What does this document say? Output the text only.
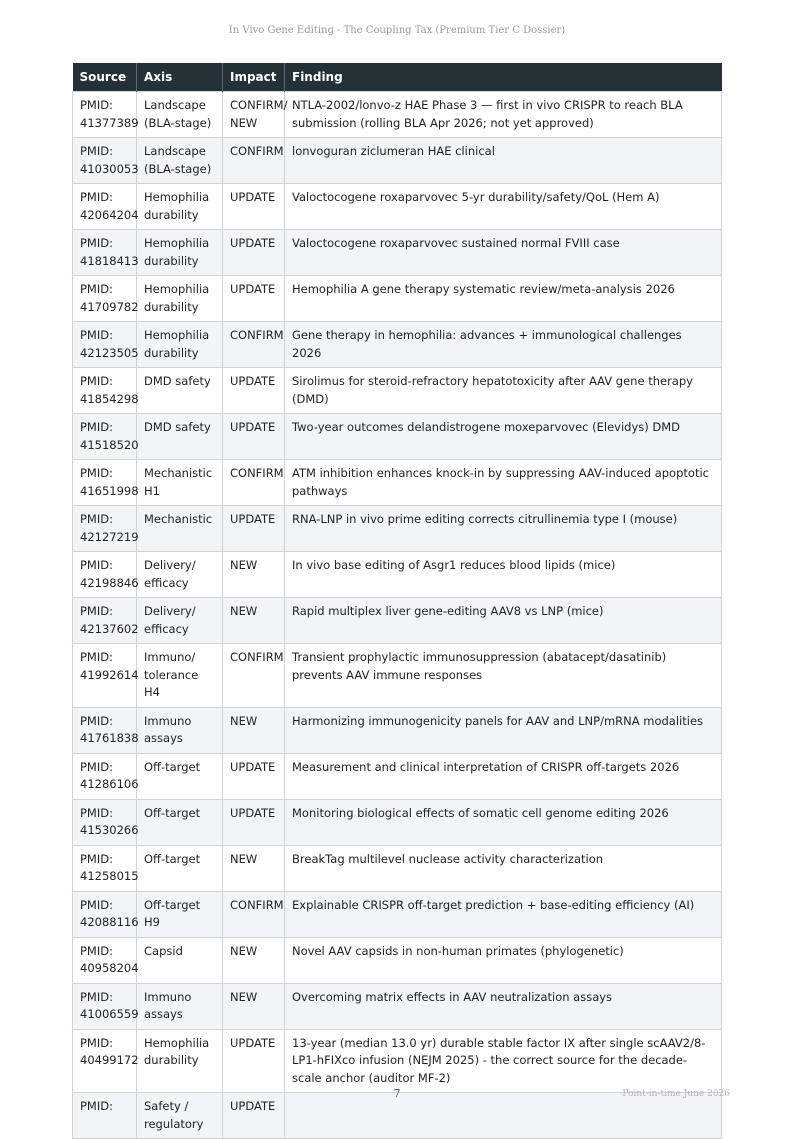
In Vivo Gene Editing - The Coupling Tax (Premium Tier C Dossier)
Source	Axis	Impact	Finding
PMID: 41377389	Landscape (BLA-stage)	CONFIRM/ NEW	NTLA-2002/lonvo-z HAE Phase 3 — first in vivo CRISPR to reach BLA submission (rolling BLA Apr 2026; not yet approved)
PMID: 41030053	Landscape (BLA-stage)	CONFIRM	lonvoguran ziclumeran HAE clinical
PMID: 42064204	Hemophilia durability	UPDATE	Valoctocogene roxaparvovec 5-yr durability/safety/QoL (Hem A)
PMID: 41818413	Hemophilia durability	UPDATE	Valoctocogene roxaparvovec sustained normal FVIII case
PMID: 41709782	Hemophilia durability	UPDATE	Hemophilia A gene therapy systematic review/meta-analysis 2026
PMID: 42123505	Hemophilia durability	CONFIRM	Gene therapy in hemophilia: advances + immunological challenges 2026
PMID: 41854298	DMD safety	UPDATE	Sirolimus for steroid-refractory hepatotoxicity after AAV gene therapy (DMD)
PMID: 41518520	DMD safety	UPDATE	Two-year outcomes delandistrogene moxeparvovec (Elevidys) DMD
PMID: 41651998	Mechanistic H1	CONFIRM	ATM inhibition enhances knock-in by suppressing AAV-induced apoptotic pathways
PMID: 42127219	Mechanistic	UPDATE	RNA-LNP in vivo prime editing corrects citrullinemia type I (mouse)
PMID: 42198846	Delivery/ efficacy	NEW	In vivo base editing of Asgr1 reduces blood lipids (mice)
PMID: 42137602	Delivery/ efficacy	NEW	Rapid multiplex liver gene-editing AAV8 vs LNP (mice)
PMID: 41992614	Immuno/ tolerance H4	CONFIRM	Transient prophylactic immunosuppression (abatacept/dasatinib) prevents AAV immune responses
PMID: 41761838	Immuno assays	NEW	Harmonizing immunogenicity panels for AAV and LNP/mRNA modalities
PMID: 41286106	Off-target	UPDATE	Measurement and clinical interpretation of CRISPR off-targets 2026
PMID: 41530266	Off-target	UPDATE	Monitoring biological effects of somatic cell genome editing 2026
PMID: 41258015	Off-target	NEW	BreakTag multilevel nuclease activity characterization
PMID: 42088116	Off-target H9	CONFIRM	Explainable CRISPR off-target prediction + base-editing efficiency (AI)
PMID: 40958204	Capsid	NEW	Novel AAV capsids in non-human primates (phylogenetic)
PMID: 41006559	Immuno assays	NEW	Overcoming matrix effects in AAV neutralization assays
PMID: 40499172	Hemophilia durability	UPDATE	13-year (median 13.0 yr) durable stable factor IX after single scAAV2/8-LP1-hFIXco infusion (NEJM 2025) - the correct source for the decade-scale anchor (auditor MF-2)
PMID:	Safety / regulatory	UPDATE	
7	Point-in-time June 2026
